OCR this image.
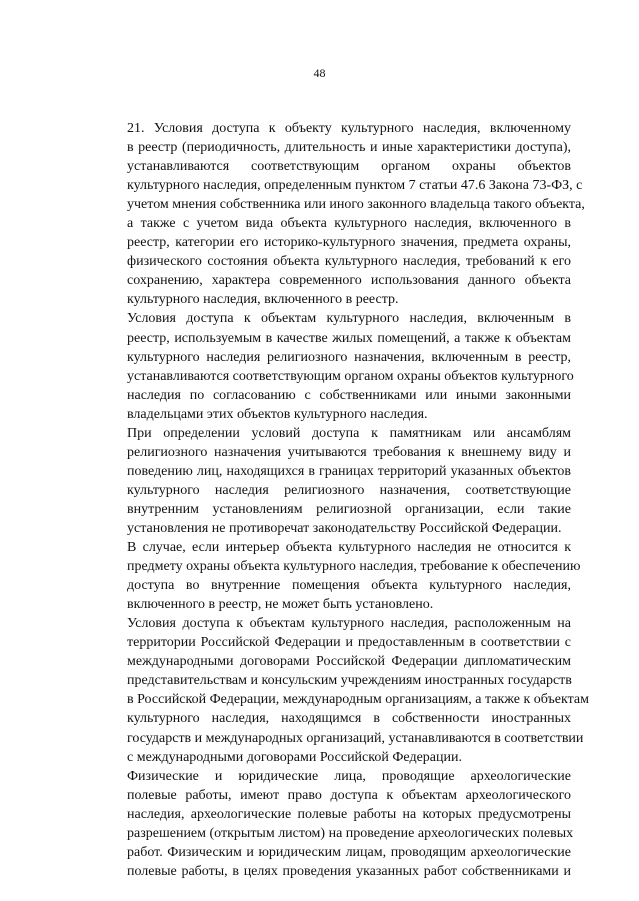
48
21. Условия доступа к объекту культурного наследия, включенному
в реестр (периодичность, длительность и иные характеристики доступа),
устанавливаются соответствующим органом охраны объектов
культурного наследия, определенным пунктом 7 статьи 47.6 Закона 73-ФЗ, с
учетом мнения собственника или иного законного владельца такого объекта,
а также с учетом вида объекта культурного наследия, включенного в
реестр, категории его историко-культурного значения, предмета охраны,
физического состояния объекта культурного наследия, требований к его
сохранению, характера современного использования данного объекта
культурного наследия, включенного в реестр.
Условия доступа к объектам культурного наследия, включенным в
реестр, используемым в качестве жилых помещений, а также к объектам
культурного наследия религиозного назначения, включенным в реестр,
устанавливаются соответствующим органом охраны объектов культурного
наследия по согласованию с собственниками или иными законными
владельцами этих объектов культурного наследия.
При определении условий доступа к памятникам или ансамблям
религиозного назначения учитываются требования к внешнему виду и
поведению лиц, находящихся в границах территорий указанных объектов
культурного наследия религиозного назначения, соответствующие
внутренним установлениям религиозной организации, если такие
установления не противоречат законодательству Российской Федерации.
В случае, если интерьер объекта культурного наследия не относится к
предмету охраны объекта культурного наследия, требование к обеспечению
доступа во внутренние помещения объекта культурного наследия,
включенного в реестр, не может быть установлено.
Условия доступа к объектам культурного наследия, расположенным на
территории Российской Федерации и предоставленным в соответствии с
международными договорами Российской Федерации дипломатическим
представительствам и консульским учреждениям иностранных государств
в Российской Федерации, международным организациям, а также к объектам
культурного наследия, находящимся в собственности иностранных
государств и международных организаций, устанавливаются в соответствии
с международными договорами Российской Федерации.
Физические и юридические лица, проводящие археологические
полевые работы, имеют право доступа к объектам археологического
наследия, археологические полевые работы на которых предусмотрены
разрешением (открытым листом) на проведение археологических полевых
работ. Физическим и юридическим лицам, проводящим археологические
полевые работы, в целях проведения указанных работ собственниками и
